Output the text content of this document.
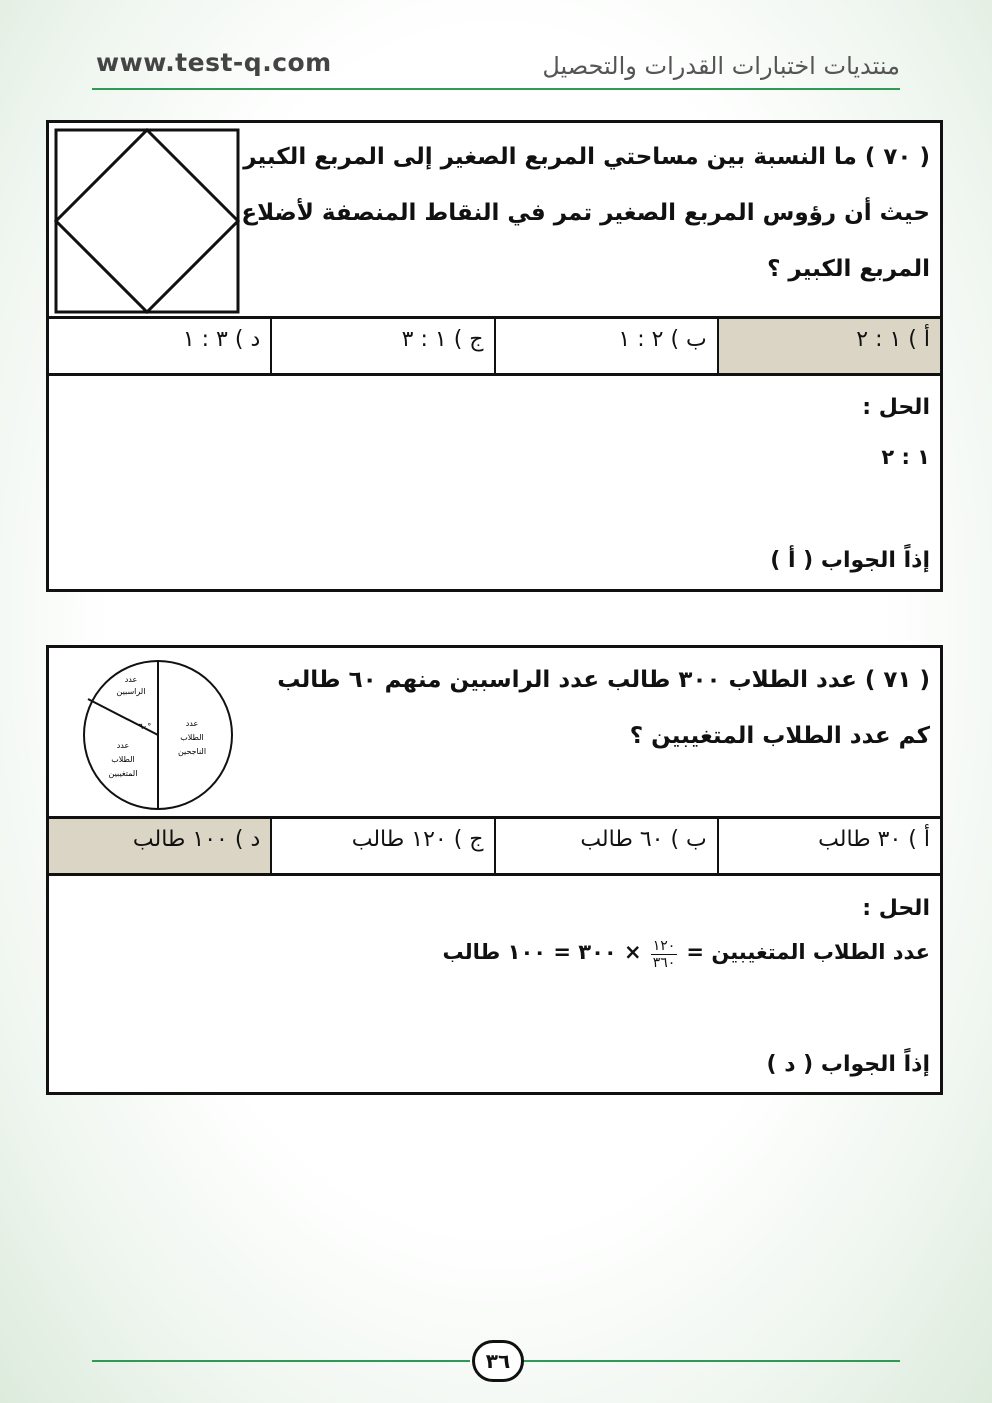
www.test-q.com	منتديات اختبارات القدرات والتحصيل
( ٧٠ ) ما النسبة بين مساحتي المربع الصغير إلى المربع الكبير
حيث أن رؤوس المربع الصغير تمر في النقاط المنصفة لأضلاع
المربع الكبير ؟
أ ) ١ : ٢
ب ) ٢ : ١
ج ) ١ : ٣
د ) ٣ : ١
الحل :
١ : ٢
إذاً الجواب ( أ )
( ٧١ ) عدد الطلاب ٣٠٠ طالب عدد الراسبين منهم ٦٠ طالب
كم عدد الطلاب المتغيبين ؟
عدد
الراسبين
٦٠°
عدد
الطلاب
المتغيبين
عدد
الطلاب
الناجحين
أ ) ٣٠ طالب
ب ) ٦٠ طالب
ج ) ١٢٠ طالب
د ) ١٠٠ طالب
الحل :
عدد الطلاب المتغيبين =
$\frac{١٢٠}{٣٦٠}$
× ٣٠٠ = ١٠٠ طالب
إذاً الجواب ( د )
٣٦
